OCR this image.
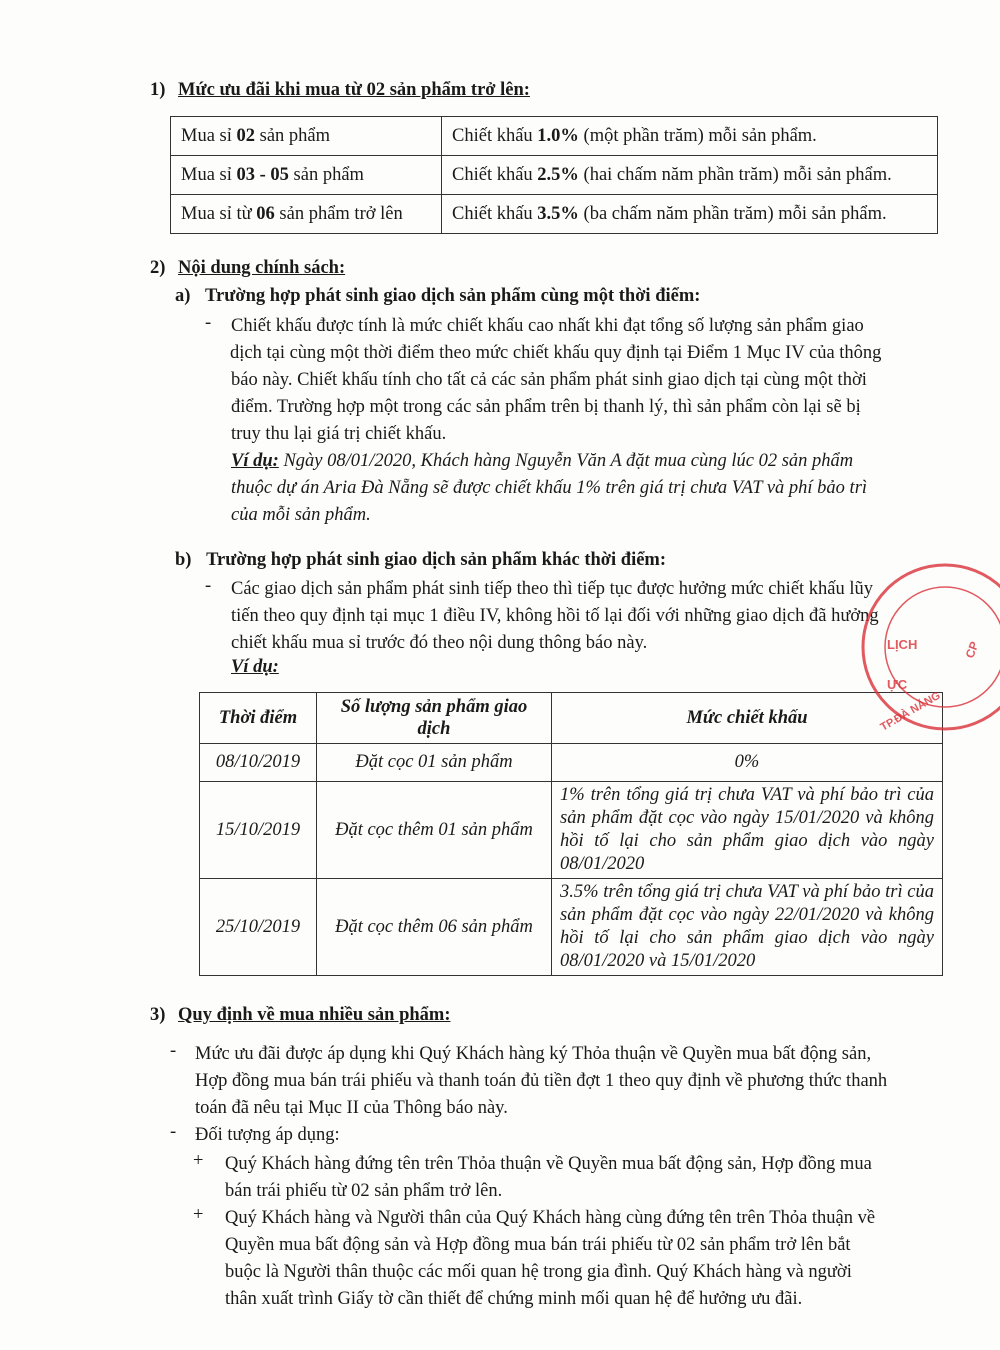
1) Mức ưu đãi khi mua từ 02 sản phẩm trở lên:
Mua sỉ 02 sản phẩm	Chiết khấu 1.0% (một phần trăm) mỗi sản phẩm.
Mua sỉ 03 - 05 sản phẩm	Chiết khấu 2.5% (hai chấm năm phần trăm) mỗi sản phẩm.
Mua sỉ từ 06 sản phẩm trở lên	Chiết khấu 3.5% (ba chấm năm phần trăm) mỗi sản phẩm.
2) Nội dung chính sách:
a) Trường hợp phát sinh giao dịch sản phẩm cùng một thời điểm:
- Chiết khấu được tính là mức chiết khấu cao nhất khi đạt tổng số lượng sản phẩm giao
dịch tại cùng một thời điểm theo mức chiết khấu quy định tại Điểm 1 Mục IV của thông
báo này. Chiết khấu tính cho tất cả các sản phẩm phát sinh giao dịch tại cùng một thời
điểm. Trường hợp một trong các sản phẩm trên bị thanh lý, thì sản phẩm còn lại sẽ bị
truy thu lại giá trị chiết khấu.
Ví dụ: Ngày 08/01/2020, Khách hàng Nguyễn Văn A đặt mua cùng lúc 02 sản phẩm
thuộc dự án Aria Đà Nẵng sẽ được chiết khấu 1% trên giá trị chưa VAT và phí bảo trì
của mỗi sản phẩm.
b) Trường hợp phát sinh giao dịch sản phẩm khác thời điểm:
- Các giao dịch sản phẩm phát sinh tiếp theo thì tiếp tục được hưởng mức chiết khấu lũy
tiến theo quy định tại mục 1 điều IV, không hồi tố lại đối với những giao dịch đã hưởng
chiết khấu mua sỉ trước đó theo nội dung thông báo này.
Ví dụ:
Thời điểm	Số lượng sản phẩm giao dịch	Mức chiết khấu
08/10/2019	Đặt cọc 01 sản phẩm	0%
15/10/2019	Đặt cọc thêm 01 sản phẩm	1% trên tổng giá trị chưa VAT và phí bảo trì của sản phẩm đặt cọc vào ngày 15/01/2020 và không hồi tố lại cho sản phẩm giao dịch vào ngày 08/01/2020
25/10/2019	Đặt cọc thêm 06 sản phẩm	3.5% trên tổng giá trị chưa VAT và phí bảo trì của sản phẩm đặt cọc vào ngày 22/01/2020 và không hồi tố lại cho sản phẩm giao dịch vào ngày 08/01/2020 và 15/01/2020
3) Quy định về mua nhiều sản phẩm:
- Mức ưu đãi được áp dụng khi Quý Khách hàng ký Thỏa thuận về Quyền mua bất động sản,
Hợp đồng mua bán trái phiếu và thanh toán đủ tiền đợt 1 theo quy định về phương thức thanh
toán đã nêu tại Mục II của Thông báo này.
- Đối tượng áp dụng:
+ Quý Khách hàng đứng tên trên Thỏa thuận về Quyền mua bất động sản, Hợp đồng mua
bán trái phiếu từ 02 sản phẩm trở lên.
+ Quý Khách hàng và Người thân của Quý Khách hàng cùng đứng tên trên Thỏa thuận về
Quyền mua bất động sản và Hợp đồng mua bán trái phiếu từ 02 sản phẩm trở lên bắt
buộc là Người thân thuộc các mối quan hệ trong gia đình. Quý Khách hàng và người
thân xuất trình Giấy tờ cần thiết để chứng minh mối quan hệ để hưởng ưu đãi.
LỊCH
ỰC
CP
TP.ĐÀ NẴNG
